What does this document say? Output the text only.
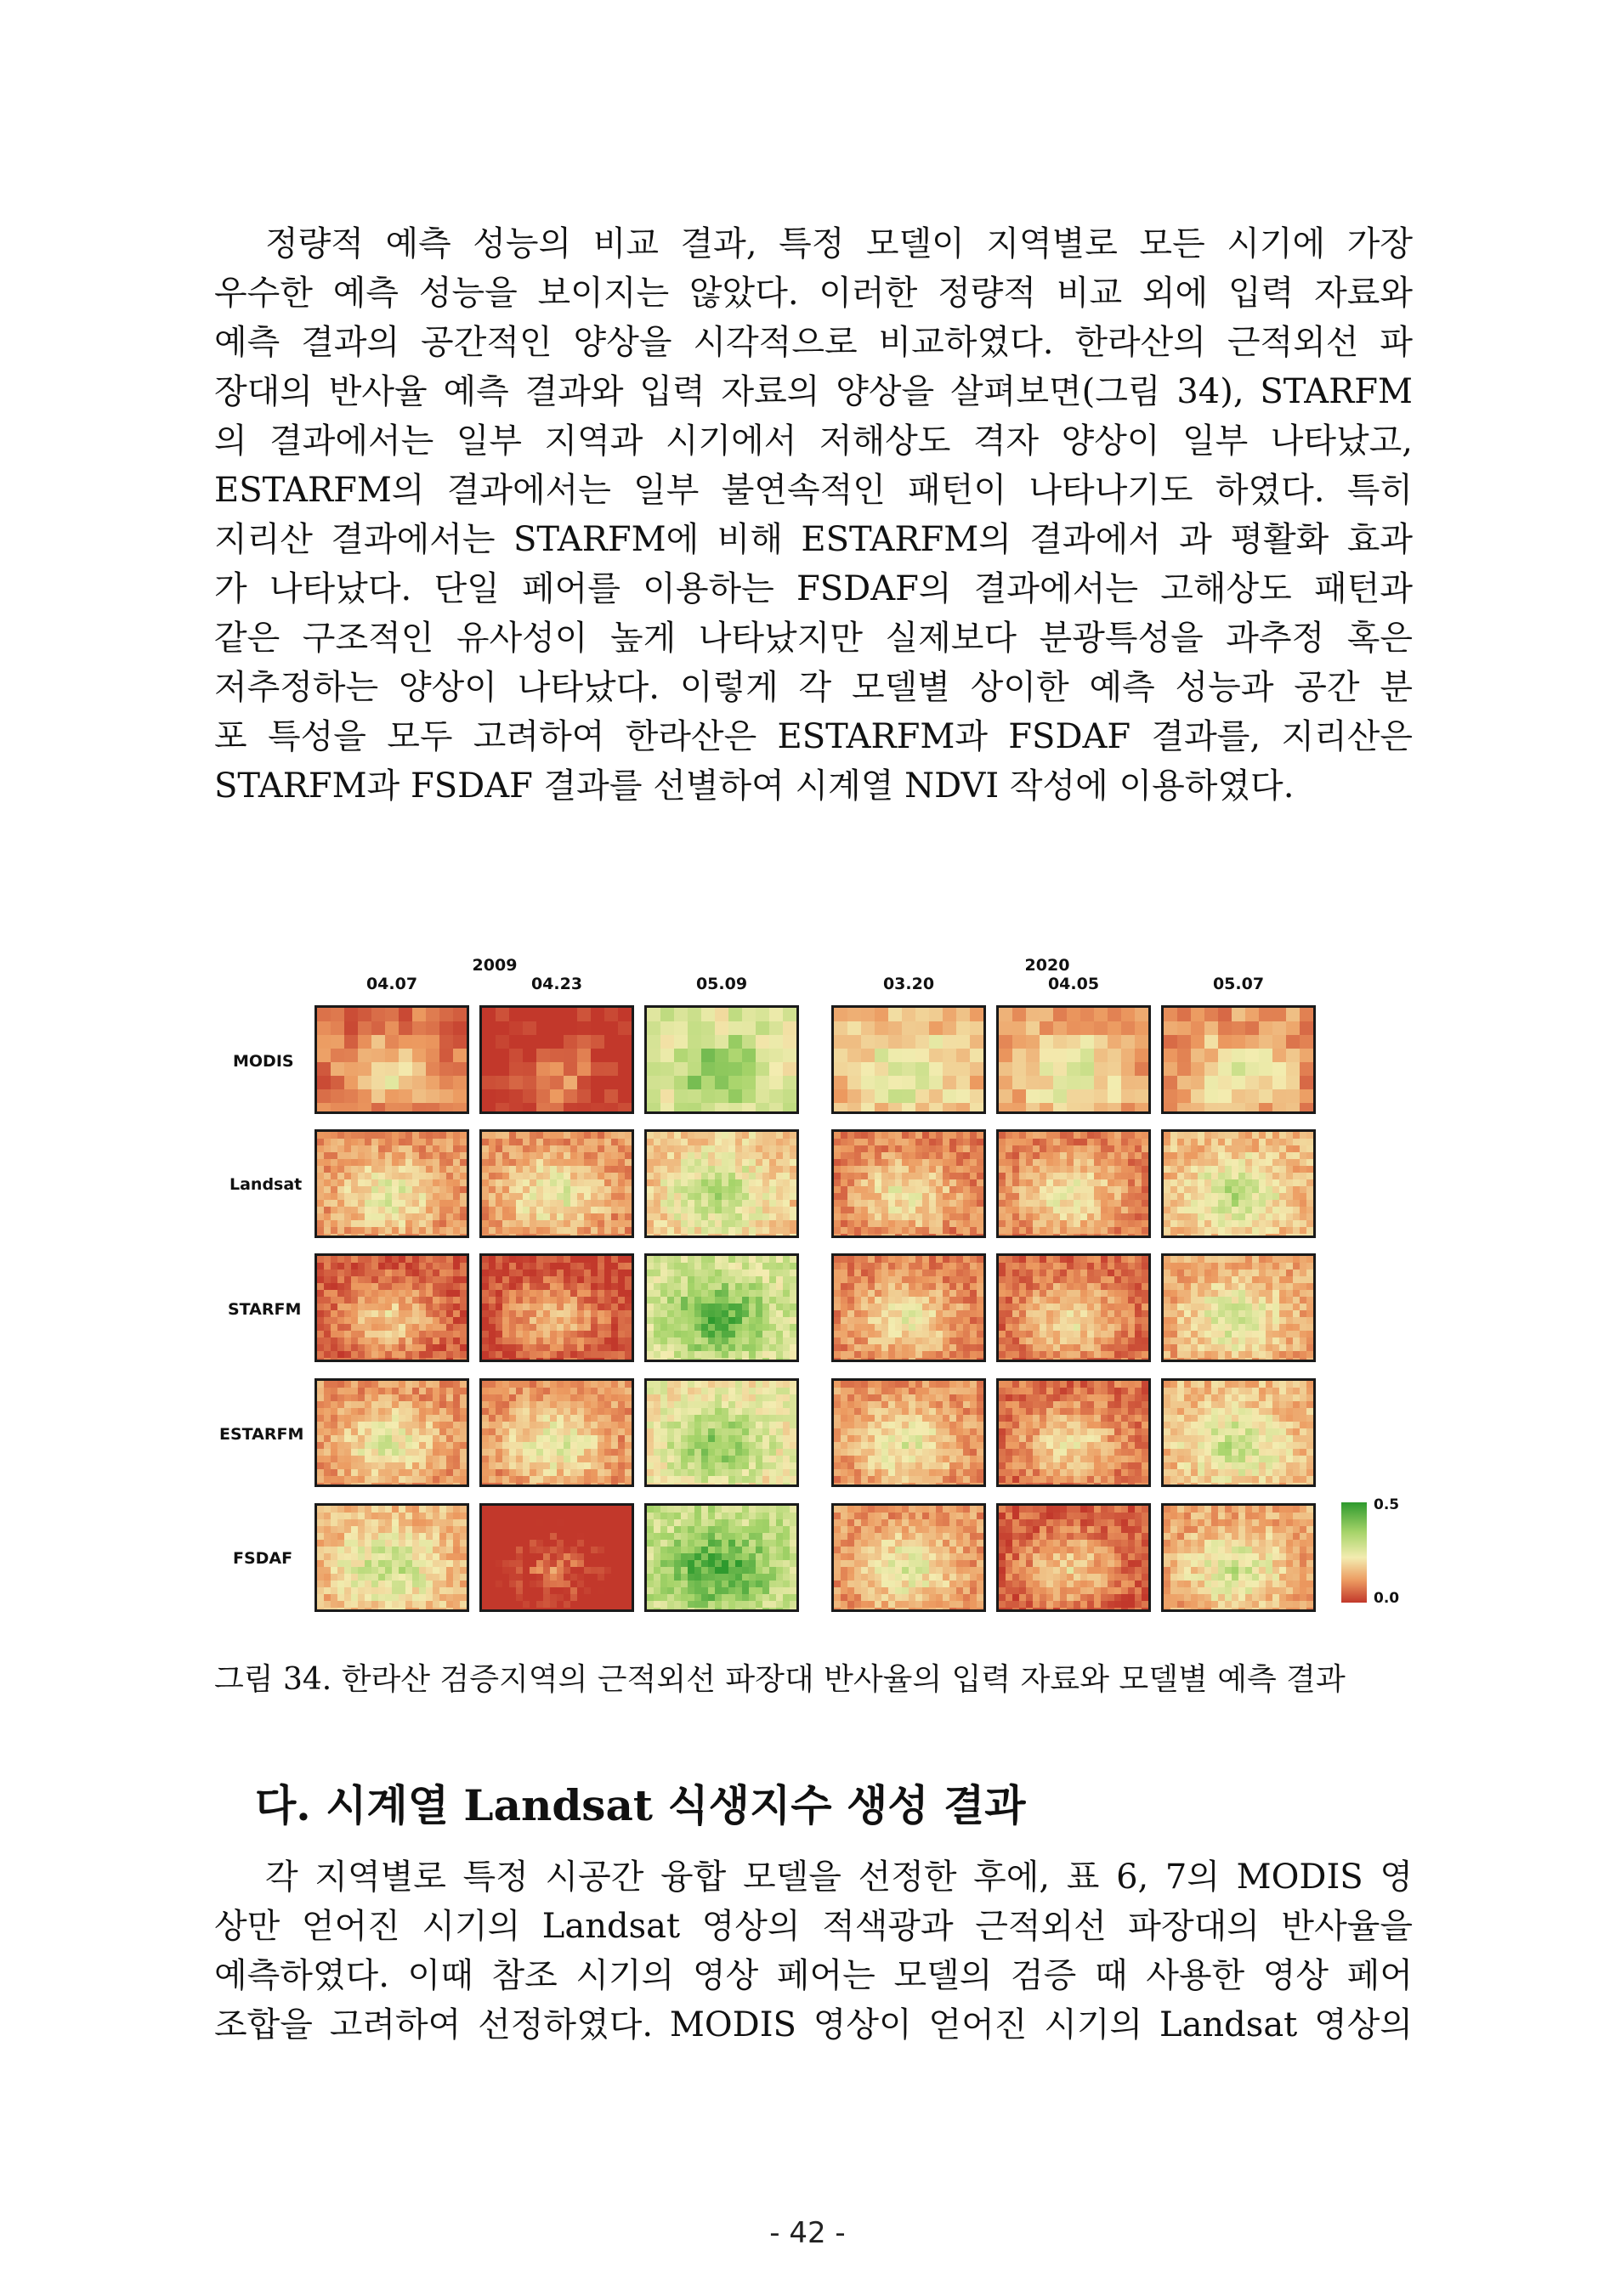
정량적 예측 성능의 비교 결과, 특정 모델이 지역별로 모든 시기에 가장
우수한 예측 성능을 보이지는 않았다. 이러한 정량적 비교 외에 입력 자료와
예측 결과의 공간적인 양상을 시각적으로 비교하였다. 한라산의 근적외선 파
장대의 반사율 예측 결과와 입력 자료의 양상을 살펴보면(그림 34), STARFM
의 결과에서는 일부 지역과 시기에서 저해상도 격자 양상이 일부 나타났고,
ESTARFM의 결과에서는 일부 불연속적인 패턴이 나타나기도 하였다. 특히
지리산 결과에서는 STARFM에 비해 ESTARFM의 결과에서 과 평활화 효과
가 나타났다. 단일 페어를 이용하는 FSDAF의 결과에서는 고해상도 패턴과
같은 구조적인 유사성이 높게 나타났지만 실제보다 분광특성을 과추정 혹은
저추정하는 양상이 나타났다. 이렇게 각 모델별 상이한 예측 성능과 공간 분
포 특성을 모두 고려하여 한라산은 ESTARFM과 FSDAF 결과를, 지리산은
STARFM과 FSDAF 결과를 선별하여 시계열 NDVI 작성에 이용하였다.
2009	2020
04.07	04.23	05.09	03.20	04.05	05.07
MODIS
Landsat
STARFM
ESTARFM
FSDAF
0.5
0.0
그림 34. 한라산 검증지역의 근적외선 파장대 반사율의 입력 자료와 모델별 예측 결과
다. 시계열 Landsat 식생지수 생성 결과
각 지역별로 특정 시공간 융합 모델을 선정한 후에, 표 6, 7의 MODIS 영
상만 얻어진 시기의 Landsat 영상의 적색광과 근적외선 파장대의 반사율을
예측하였다. 이때 참조 시기의 영상 페어는 모델의 검증 때 사용한 영상 페어
조합을 고려하여 선정하였다. MODIS 영상이 얻어진 시기의 Landsat 영상의
- 42 -
